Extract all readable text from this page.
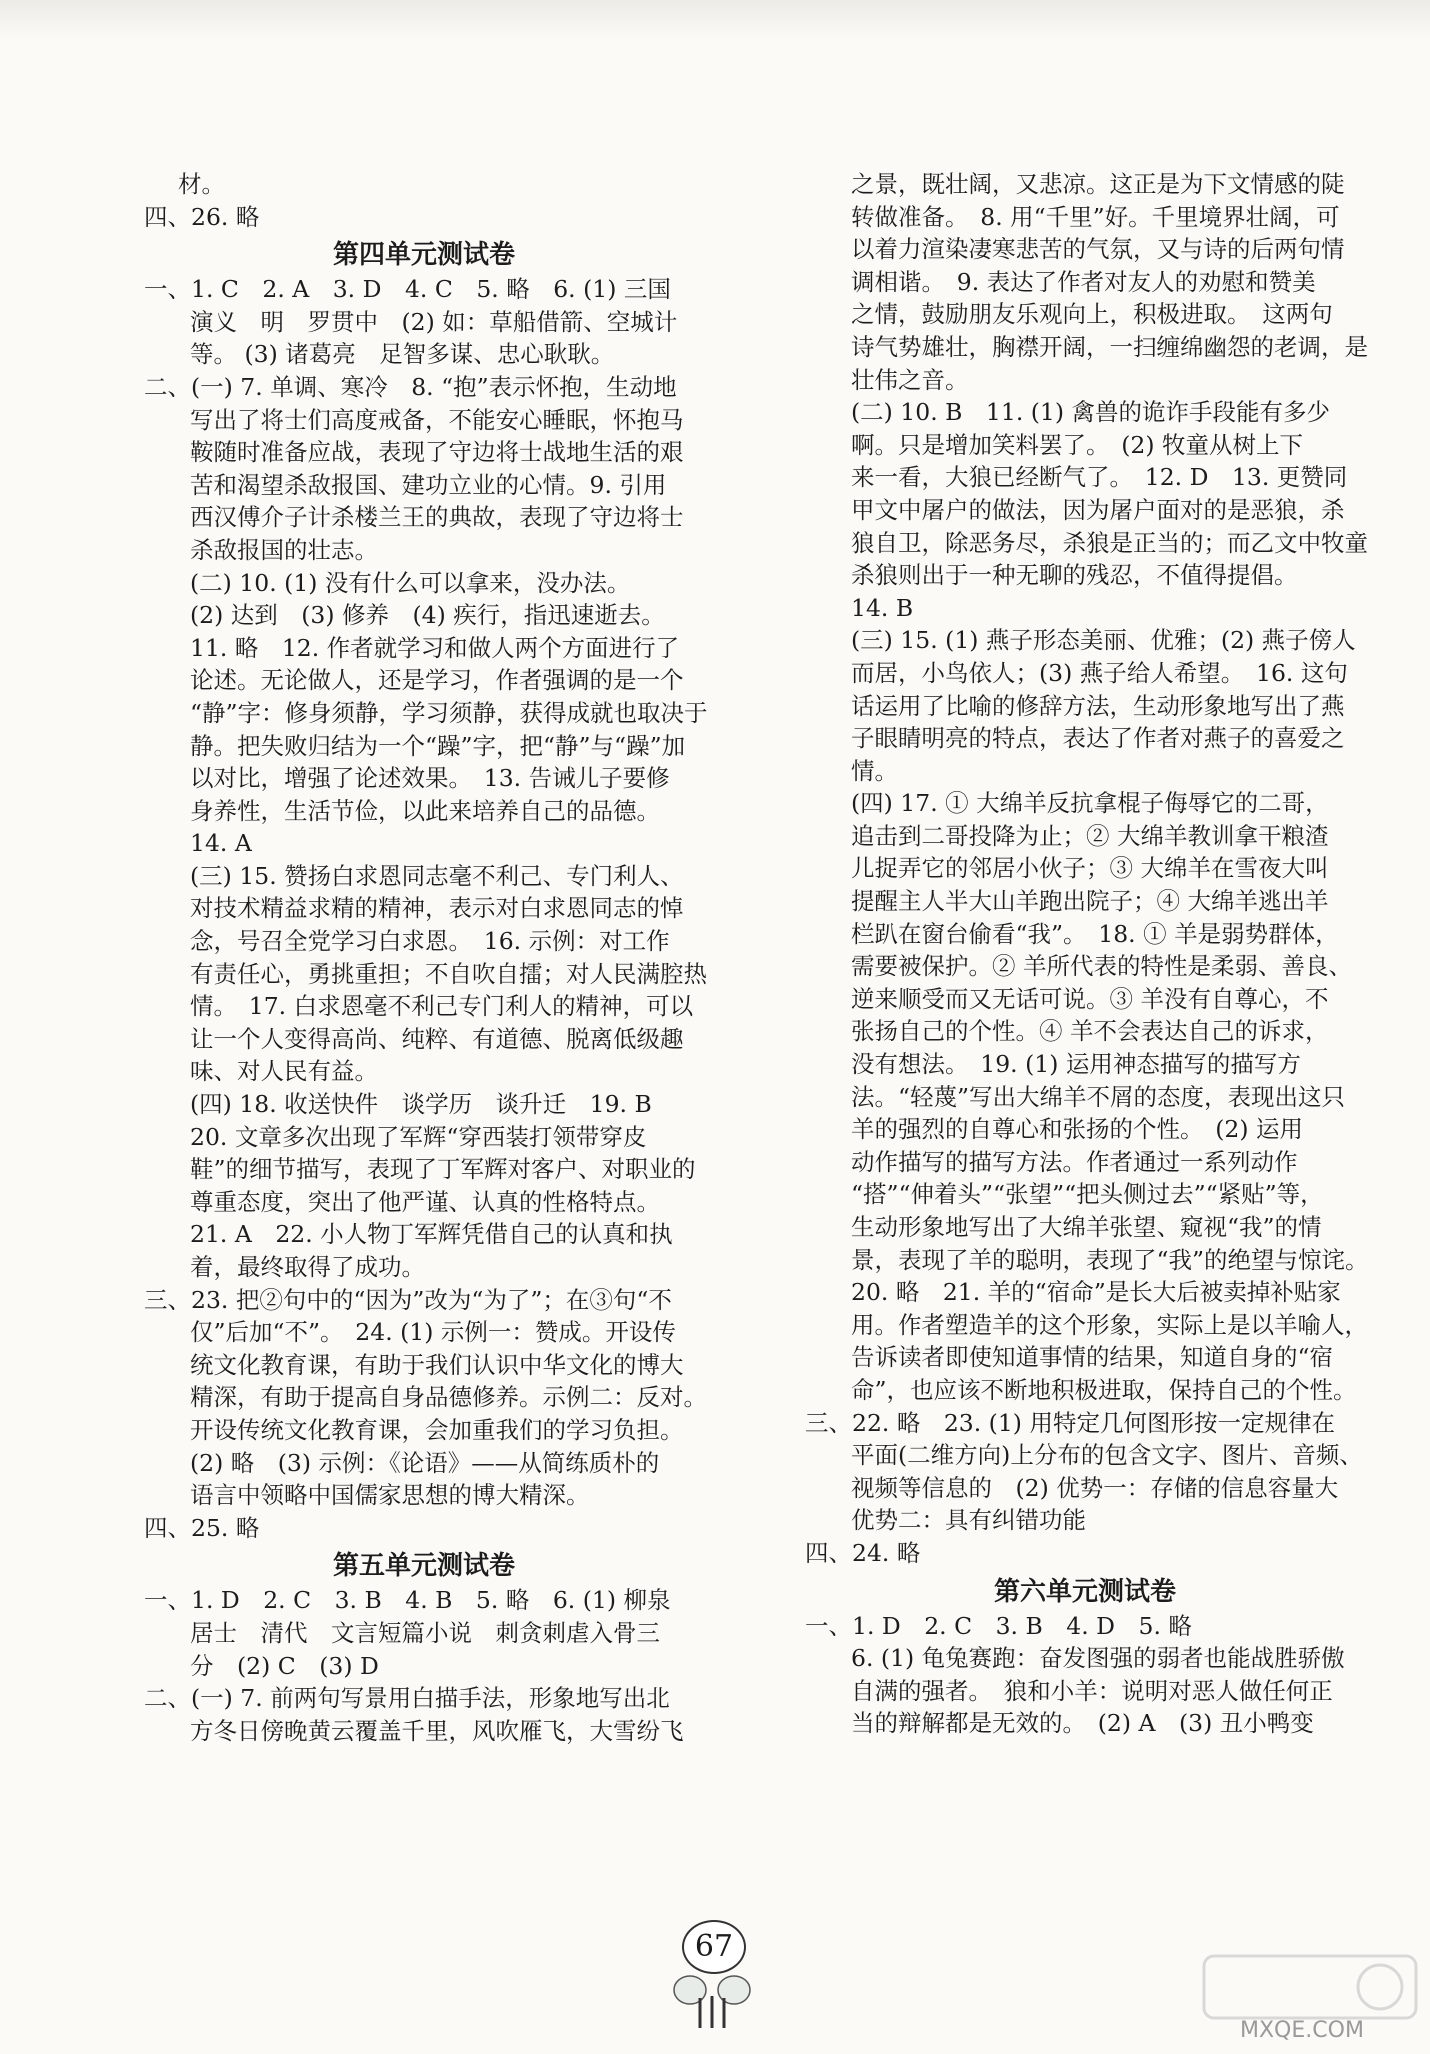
材。
四、26. 略
第四单元测试卷
一、1. C　2. A　3. D　4. C　5. 略　6. (1) 三国
演义　明　罗贯中　(2) 如：草船借箭、空城计
等。 (3) 诸葛亮　足智多谋、忠心耿耿。
二、(一) 7. 单调、寒冷　8. “抱”表示怀抱，生动地
写出了将士们高度戒备，不能安心睡眠，怀抱马
鞍随时准备应战，表现了守边将士战地生活的艰
苦和渴望杀敌报国、建功立业的心情。9. 引用
西汉傅介子计杀楼兰王的典故，表现了守边将士
杀敌报国的壮志。
(二) 10. (1) 没有什么可以拿来，没办法。
(2) 达到　(3) 修养　(4) 疾行，指迅速逝去。
11. 略　12. 作者就学习和做人两个方面进行了
论述。无论做人，还是学习，作者强调的是一个
“静”字：修身须静，学习须静，获得成就也取决于
静。把失败归结为一个“躁”字，把“静”与“躁”加
以对比，增强了论述效果。　13. 告诫儿子要修
身养性，生活节俭，以此来培养自己的品德。
14. A
(三) 15. 赞扬白求恩同志毫不利己、专门利人、
对技术精益求精的精神，表示对白求恩同志的悼
念，号召全党学习白求恩。　16. 示例：对工作
有责任心，勇挑重担；不自吹自擂；对人民满腔热
情。　17. 白求恩毫不利己专门利人的精神，可以
让一个人变得高尚、纯粹、有道德、脱离低级趣
味、对人民有益。
(四) 18. 收送快件　谈学历　谈升迁　19. B
20. 文章多次出现了军辉“穿西装打领带穿皮
鞋”的细节描写，表现了丁军辉对客户、对职业的
尊重态度，突出了他严谨、认真的性格特点。
21. A　22. 小人物丁军辉凭借自己的认真和执
着，最终取得了成功。
三、23. 把②句中的“因为”改为“为了”；在③句“不
仅”后加“不”。　24. (1) 示例一：赞成。开设传
统文化教育课，有助于我们认识中华文化的博大
精深，有助于提高自身品德修养。示例二：反对。
开设传统文化教育课，会加重我们的学习负担。
(2) 略　(3) 示例：《论语》——从简练质朴的
语言中领略中国儒家思想的博大精深。
四、25. 略
第五单元测试卷
一、1. D　2. C　3. B　4. B　5. 略　6. (1) 柳泉
居士　清代　文言短篇小说　刺贪刺虐入骨三
分　(2) C　(3) D
二、(一) 7. 前两句写景用白描手法，形象地写出北
方冬日傍晚黄云覆盖千里，风吹雁飞，大雪纷飞
之景，既壮阔，又悲凉。这正是为下文情感的陡
转做准备。　8. 用“千里”好。千里境界壮阔，可
以着力渲染凄寒悲苦的气氛，又与诗的后两句情
调相谐。　9. 表达了作者对友人的劝慰和赞美
之情，鼓励朋友乐观向上，积极进取。　这两句
诗气势雄壮，胸襟开阔，一扫缠绵幽怨的老调，是
壮伟之音。
(二) 10. B　11. (1) 禽兽的诡诈手段能有多少
啊。只是增加笑料罢了。　(2) 牧童从树上下
来一看，大狼已经断气了。　12. D　13. 更赞同
甲文中屠户的做法，因为屠户面对的是恶狼，杀
狼自卫，除恶务尽，杀狼是正当的；而乙文中牧童
杀狼则出于一种无聊的残忍，不值得提倡。
14. B
(三) 15. (1) 燕子形态美丽、优雅；(2) 燕子傍人
而居，小鸟依人；(3) 燕子给人希望。　16. 这句
话运用了比喻的修辞方法，生动形象地写出了燕
子眼睛明亮的特点，表达了作者对燕子的喜爱之
情。
(四) 17. ① 大绵羊反抗拿棍子侮辱它的二哥，
追击到二哥投降为止；② 大绵羊教训拿干粮渣
儿捉弄它的邻居小伙子；③ 大绵羊在雪夜大叫
提醒主人半大山羊跑出院子；④ 大绵羊逃出羊
栏趴在窗台偷看“我”。　18. ① 羊是弱势群体，
需要被保护。② 羊所代表的特性是柔弱、善良、
逆来顺受而又无话可说。③ 羊没有自尊心，不
张扬自己的个性。④ 羊不会表达自己的诉求，
没有想法。　19. (1) 运用神态描写的描写方
法。“轻蔑”写出大绵羊不屑的态度，表现出这只
羊的强烈的自尊心和张扬的个性。　(2) 运用
动作描写的描写方法。作者通过一系列动作
“搭”“伸着头”“张望”“把头侧过去”“紧贴”等，
生动形象地写出了大绵羊张望、窥视“我”的情
景，表现了羊的聪明，表现了“我”的绝望与惊诧。
20. 略　21. 羊的“宿命”是长大后被卖掉补贴家
用。作者塑造羊的这个形象，实际上是以羊喻人，
告诉读者即使知道事情的结果，知道自身的“宿
命”，也应该不断地积极进取，保持自己的个性。
三、22. 略　23. (1) 用特定几何图形按一定规律在
平面(二维方向)上分布的包含文字、图片、音频、
视频等信息的　(2) 优势一：存储的信息容量大
优势二：具有纠错功能
四、24. 略
第六单元测试卷
一、1. D　2. C　3. B　4. D　5. 略
6. (1) 龟兔赛跑：奋发图强的弱者也能战胜骄傲
自满的强者。　狼和小羊：说明对恶人做任何正
当的辩解都是无效的。　(2) A　(3) 丑小鸭变
67
MXQE.COM
